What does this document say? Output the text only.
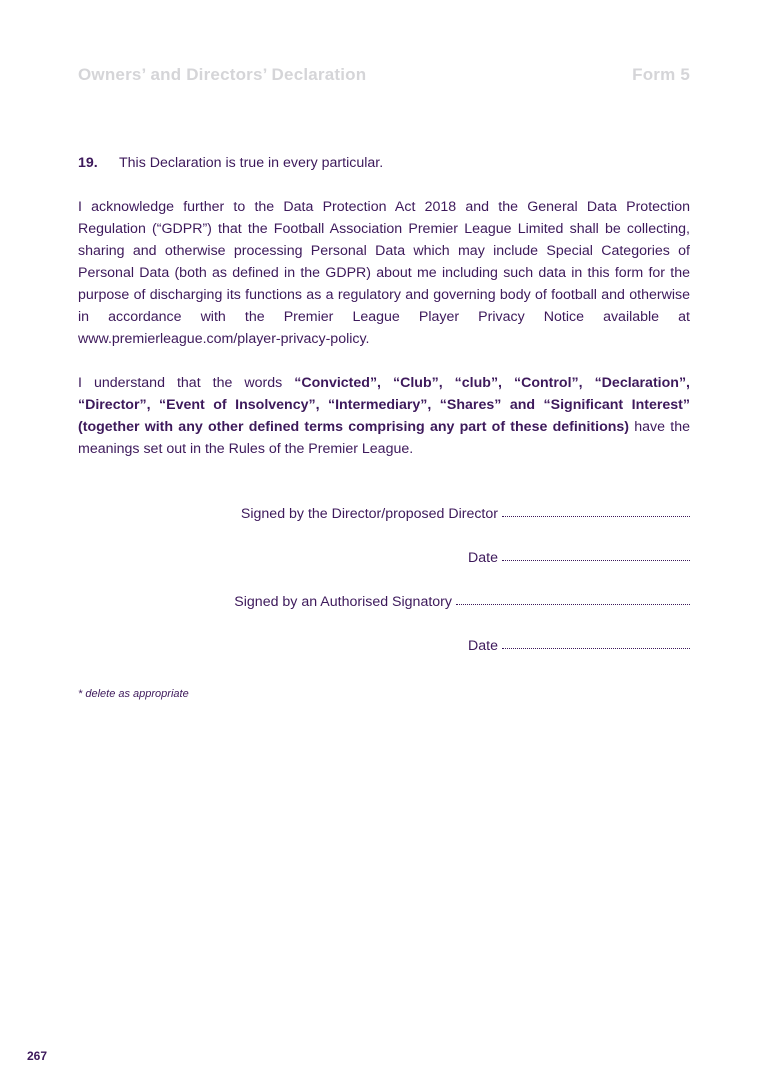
Owners’ and Directors’ Declaration	Form 5
19.	This Declaration is true in every particular.

I acknowledge further to the Data Protection Act 2018 and the General Data Protection Regulation (“GDPR”) that the Football Association Premier League Limited shall be collecting, sharing and otherwise processing Personal Data which may include Special Categories of Personal Data (both as defined in the GDPR) about me including such data in this form for the purpose of discharging its functions as a regulatory and governing body of football and otherwise in accordance with the Premier League Player Privacy Notice available at www.premierleague.com/player-privacy-policy.

I understand that the words “Convicted”, “Club”, “club”, “Control”, “Declaration”, “Director”, “Event of Insolvency”, “Intermediary”, “Shares” and “Significant Interest” (together with any other defined terms comprising any part of these definitions) have the meanings set out in the Rules of the Premier League.

Signed by the Director/proposed Director
Date
Signed by an Authorised Signatory
Date
* delete as appropriate
267
